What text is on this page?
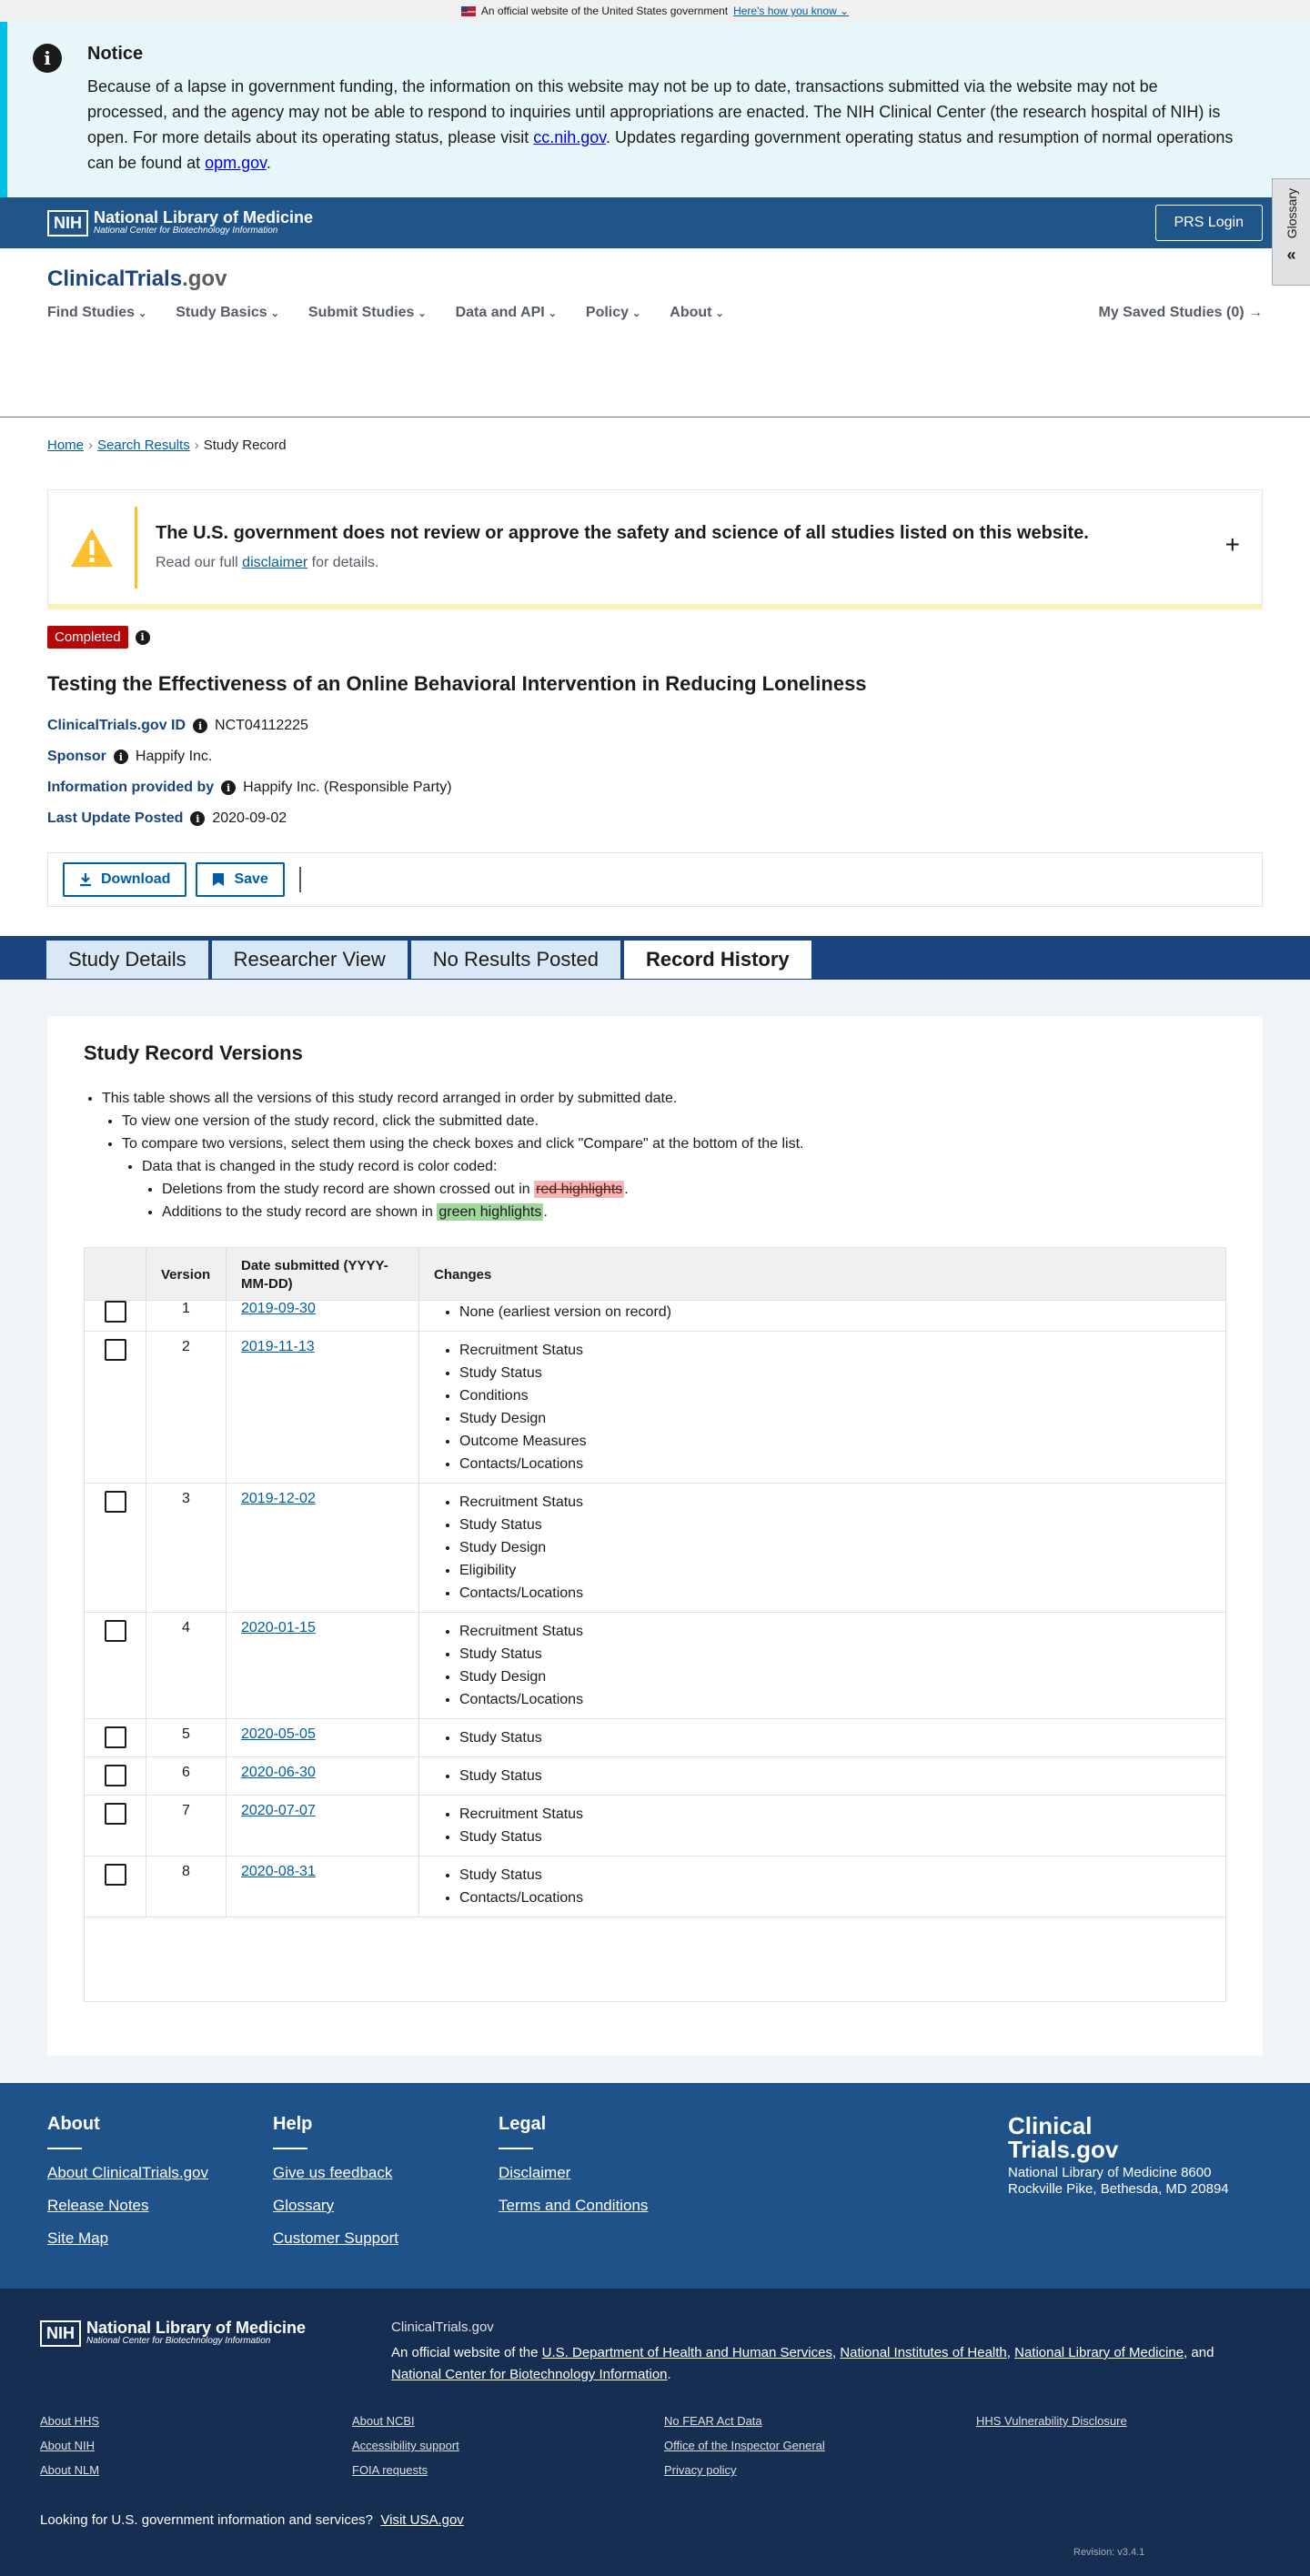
An official website of the United States government Here's how you know ⌄
i	Notice

Because of a lapse in government funding, the information on this website may not be up to date, transactions submitted via the website may not be processed, and the agency may not be able to respond to inquiries until appropriations are enacted. The NIH Clinical Center (the research hospital of NIH) is open. For more details about its operating status, please visit cc.nih.gov. Updates regarding government operating status and resumption of normal operations can be found at opm.gov.

NIH National Library of Medicine
National Center for Biotechnology Information
PRS Login	Glossary
«
ClinicalTrials.gov
Find Studies ⌄ Study Basics ⌄ Submit Studies ⌄ Data and API ⌄ Policy ⌄ About ⌄	My Saved Studies (0) →
Home › Search Results › Study Record
The U.S. government does not review or approve the safety and science of all studies listed on this website.
Read our full disclaimer for details.
+
Completed	i
Testing the Effectiveness of an Online Behavioral Intervention in Reducing Loneliness
ClinicalTrials.gov ID	i NCT04112225
Sponsor	i Happify Inc.
Information provided by	i Happify Inc. (Responsible Party)
Last Update Posted	i 2020-09-02
Download	Save
Study Details	Researcher View	No Results Posted	Record History
Study Record Versions
• This table shows all the versions of this study record arranged in order by submitted date.
• To view one version of the study record, click the submitted date.
• To compare two versions, select them using the check boxes and click "Compare" at the bottom of the list.
• Data that is changed in the study record is color coded:
• Deletions from the study record are shown crossed out in red highlights .
• Additions to the study record are shown in green highlights .
Version
Date submitted (YYYY-MM-DD)
Changes
1	2019-09-30	• None (earliest version on record)
2	2019-11-13	• Recruitment Status
• Study Status
• Conditions
• Study Design
• Outcome Measures
• Contacts/Locations
3	2019-12-02	• Recruitment Status
• Study Status
• Study Design
• Eligibility
• Contacts/Locations
4	2020-01-15	• Recruitment Status
• Study Status
• Study Design
• Contacts/Locations
5	2020-05-05	• Study Status
6	2020-06-30	• Study Status
7	2020-07-07	• Recruitment Status
• Study Status
8	2020-08-31	• Study Status
• Contacts/Locations
About
About ClinicalTrials.gov
Release Notes
Site Map
Help
Give us feedback
Glossary
Customer Support
Legal
Disclaimer
Terms and Conditions
Clinical
Trials.gov
National Library of Medicine 8600 Rockville Pike, Bethesda, MD 20894
NIH National Library of Medicine
National Center for Biotechnology Information
ClinicalTrials.gov
An official website of the U.S. Department of Health and Human Services, National Institutes of Health, National Library of Medicine, and National Center for Biotechnology Information.
About HHS	About NCBI	No FEAR Act Data	HHS Vulnerability Disclosure
About NIH	Accessibility support	Office of the Inspector General
About NLM	FOIA requests	Privacy policy
Looking for U.S. government information and services? Visit USA.gov
Revision: v3.4.1
